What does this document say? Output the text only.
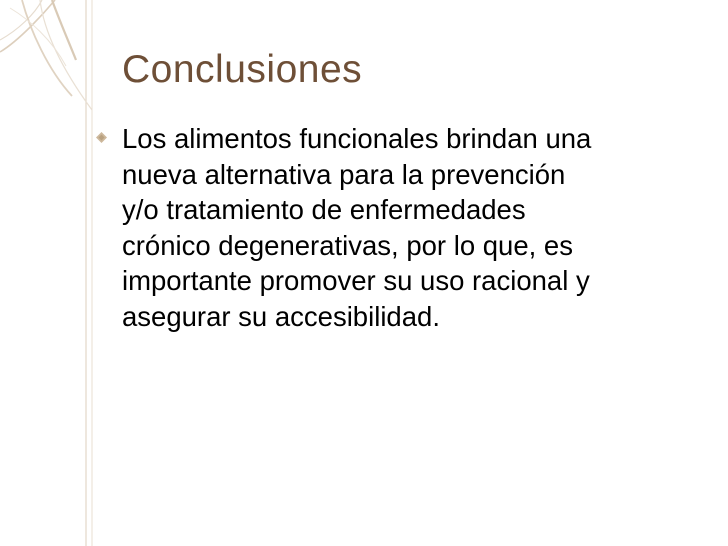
Conclusiones

Los alimentos funcionales brindan una
nueva alternativa para la prevención
y/o tratamiento de enfermedades
crónico degenerativas, por lo que, es
importante promover su uso racional y
asegurar su accesibilidad.
